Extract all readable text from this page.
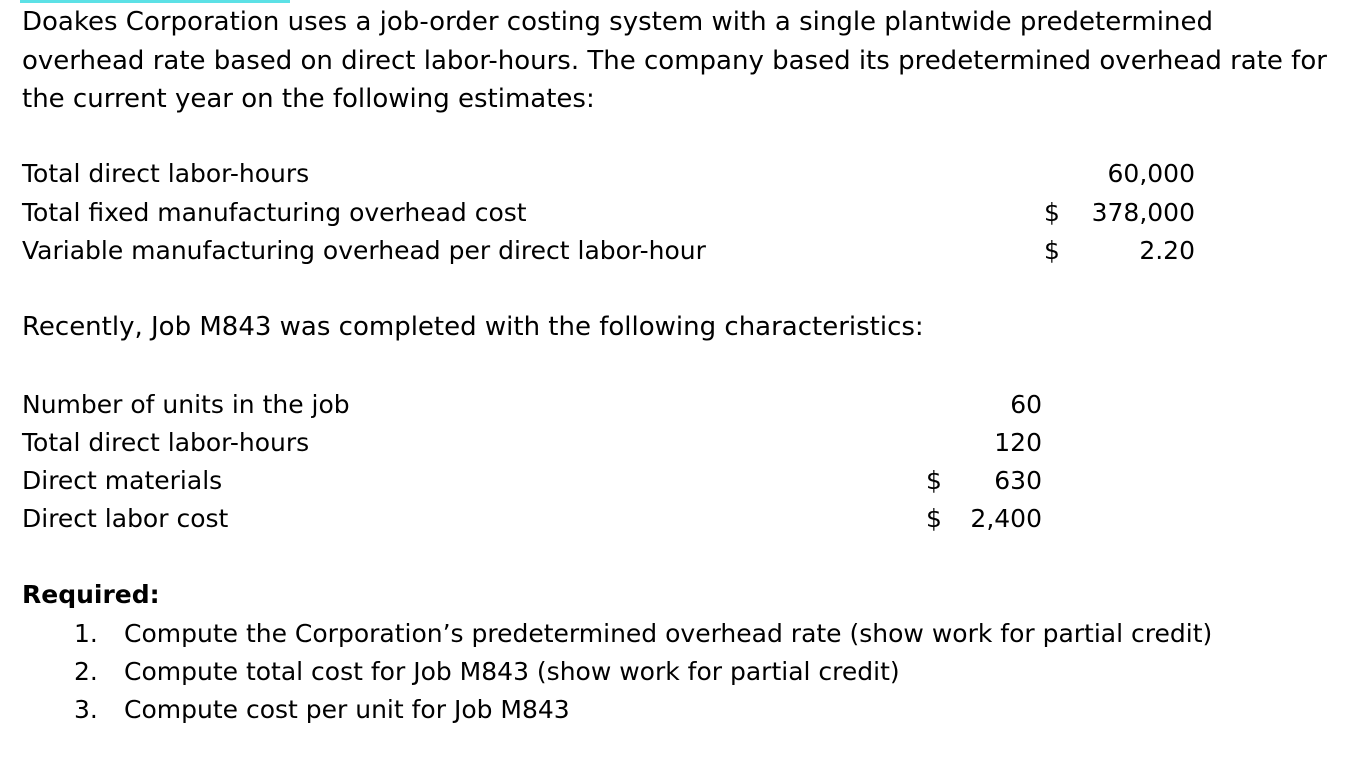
Doakes Corporation uses a job-order costing system with a single plantwide predetermined overhead rate based on direct labor-hours. The company based its predetermined overhead rate for the current year on the following estimates:

Total direct labor-hours	60,000
Total fixed manufacturing overhead cost	$	378,000
Variable manufacturing overhead per direct labor-hour	$	2.20
Recently, Job M843 was completed with the following characteristics:
Number of units in the job	60
Total direct labor-hours	120
Direct materials	$	630
Direct labor cost	$	2,400
Required:
1. Compute the Corporation’s predetermined overhead rate (show work for partial credit)
2. Compute total cost for Job M843 (show work for partial credit)
3. Compute cost per unit for Job M843
